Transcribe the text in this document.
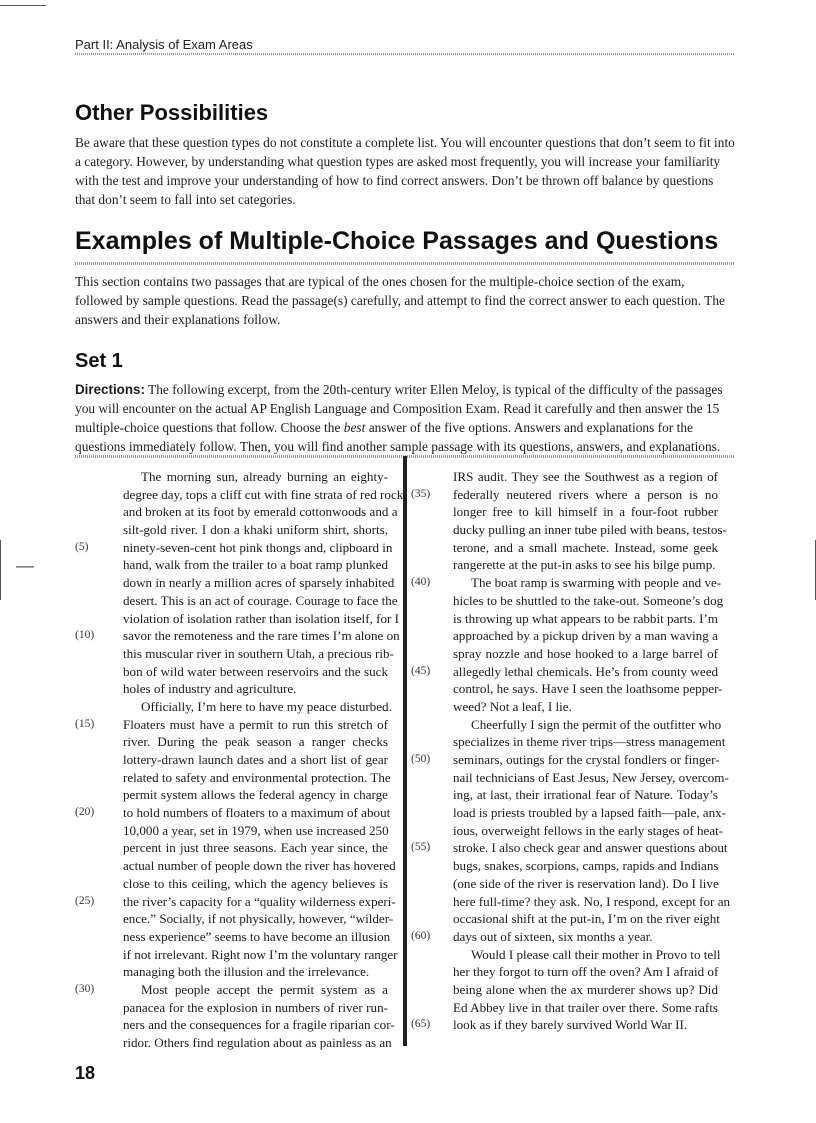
―
Part II: Analysis of Exam Areas
Other Possibilities

Be aware that these question types do not constitute a complete list. You will encounter questions that don’t seem to fit into a category. However, by understanding what question types are asked most frequently, you will increase your familiarity with the test and improve your understanding of how to find correct answers. Don’t be thrown off balance by questions that don’t seem to fall into set categories.

Examples of Multiple-Choice Passages and Questions

This section contains two passages that are typical of the ones chosen for the multiple-choice section of the exam, followed by sample questions. Read the passage(s) carefully, and attempt to find the correct answer to each question. The answers and their explanations follow.

Set 1

Directions: The following excerpt, from the 20th-century writer Ellen Meloy, is typical of the difficulty of the passages you will encounter on the actual AP English Language and Composition Exam. Read it carefully and then answer the 15 multiple-choice questions that follow. Choose the best answer of the five options. Answers and explanations for the questions immediately follow. Then, you will find another sample passage with its questions, answers, and explanations.

The morning sun, already burning an eighty-
degree day, tops a cliff cut with fine strata of red rock
and broken at its foot by emerald cottonwoods and a
silt-gold river. I don a khaki uniform shirt, shorts,
(5)	ninety-seven-cent hot pink thongs and, clipboard in
hand, walk from the trailer to a boat ramp plunked
down in nearly a million acres of sparsely inhabited
desert. This is an act of courage. Courage to face the
violation of isolation rather than isolation itself, for I
(10) savor the remoteness and the rare times I’m alone on
this muscular river in southern Utah, a precious rib-
bon of wild water between reservoirs and the suck
holes of industry and agriculture.
Officially, I’m here to have my peace disturbed.
(15) Floaters must have a permit to run this stretch of
river. During the peak season a ranger checks
lottery-drawn launch dates and a short list of gear
related to safety and environmental protection. The
permit system allows the federal agency in charge
(20) to hold numbers of floaters to a maximum of about
10,000 a year, set in 1979, when use increased 250
percent in just three seasons. Each year since, the
actual number of people down the river has hovered
close to this ceiling, which the agency believes is
(25) the river’s capacity for a “quality wilderness experi-
ence.” Socially, if not physically, however, “wilder-
ness experience” seems to have become an illusion
if not irrelevant. Right now I’m the voluntary ranger
managing both the illusion and the irrelevance.
(30)	Most people accept the permit system as a
panacea for the explosion in numbers of river run-
ners and the consequences for a fragile riparian cor-
ridor. Others find regulation about as painless as an
IRS audit. They see the Southwest as a region of
(35) federally neutered rivers where a person is no
longer free to kill himself in a four-foot rubber
ducky pulling an inner tube piled with beans, testos-
terone, and a small machete. Instead, some geek
rangerette at the put-in asks to see his bilge pump.
(40)	The boat ramp is swarming with people and ve-
hicles to be shuttled to the take-out. Someone’s dog
is throwing up what appears to be rabbit parts. I’m
approached by a pickup driven by a man waving a
spray nozzle and hose hooked to a large barrel of
(45) allegedly lethal chemicals. He’s from county weed
control, he says. Have I seen the loathsome pepper-
weed? Not a leaf, I lie.
Cheerfully I sign the permit of the outfitter who
specializes in theme river trips—stress management
(50) seminars, outings for the crystal fondlers or finger-
nail technicians of East Jesus, New Jersey, overcom-
ing, at last, their irrational fear of Nature. Today’s
load is priests troubled by a lapsed faith—pale, anx-
ious, overweight fellows in the early stages of heat-
(55) stroke. I also check gear and answer questions about
bugs, snakes, scorpions, camps, rapids and Indians
(one side of the river is reservation land). Do I live
here full-time? they ask. No, I respond, except for an
occasional shift at the put-in, I’m on the river eight
(60) days out of sixteen, six months a year.
Would I please call their mother in Provo to tell
her they forgot to turn off the oven? Am I afraid of
being alone when the ax murderer shows up? Did
Ed Abbey live in that trailer over there. Some rafts
(65) look as if they barely survived World War II.
18
